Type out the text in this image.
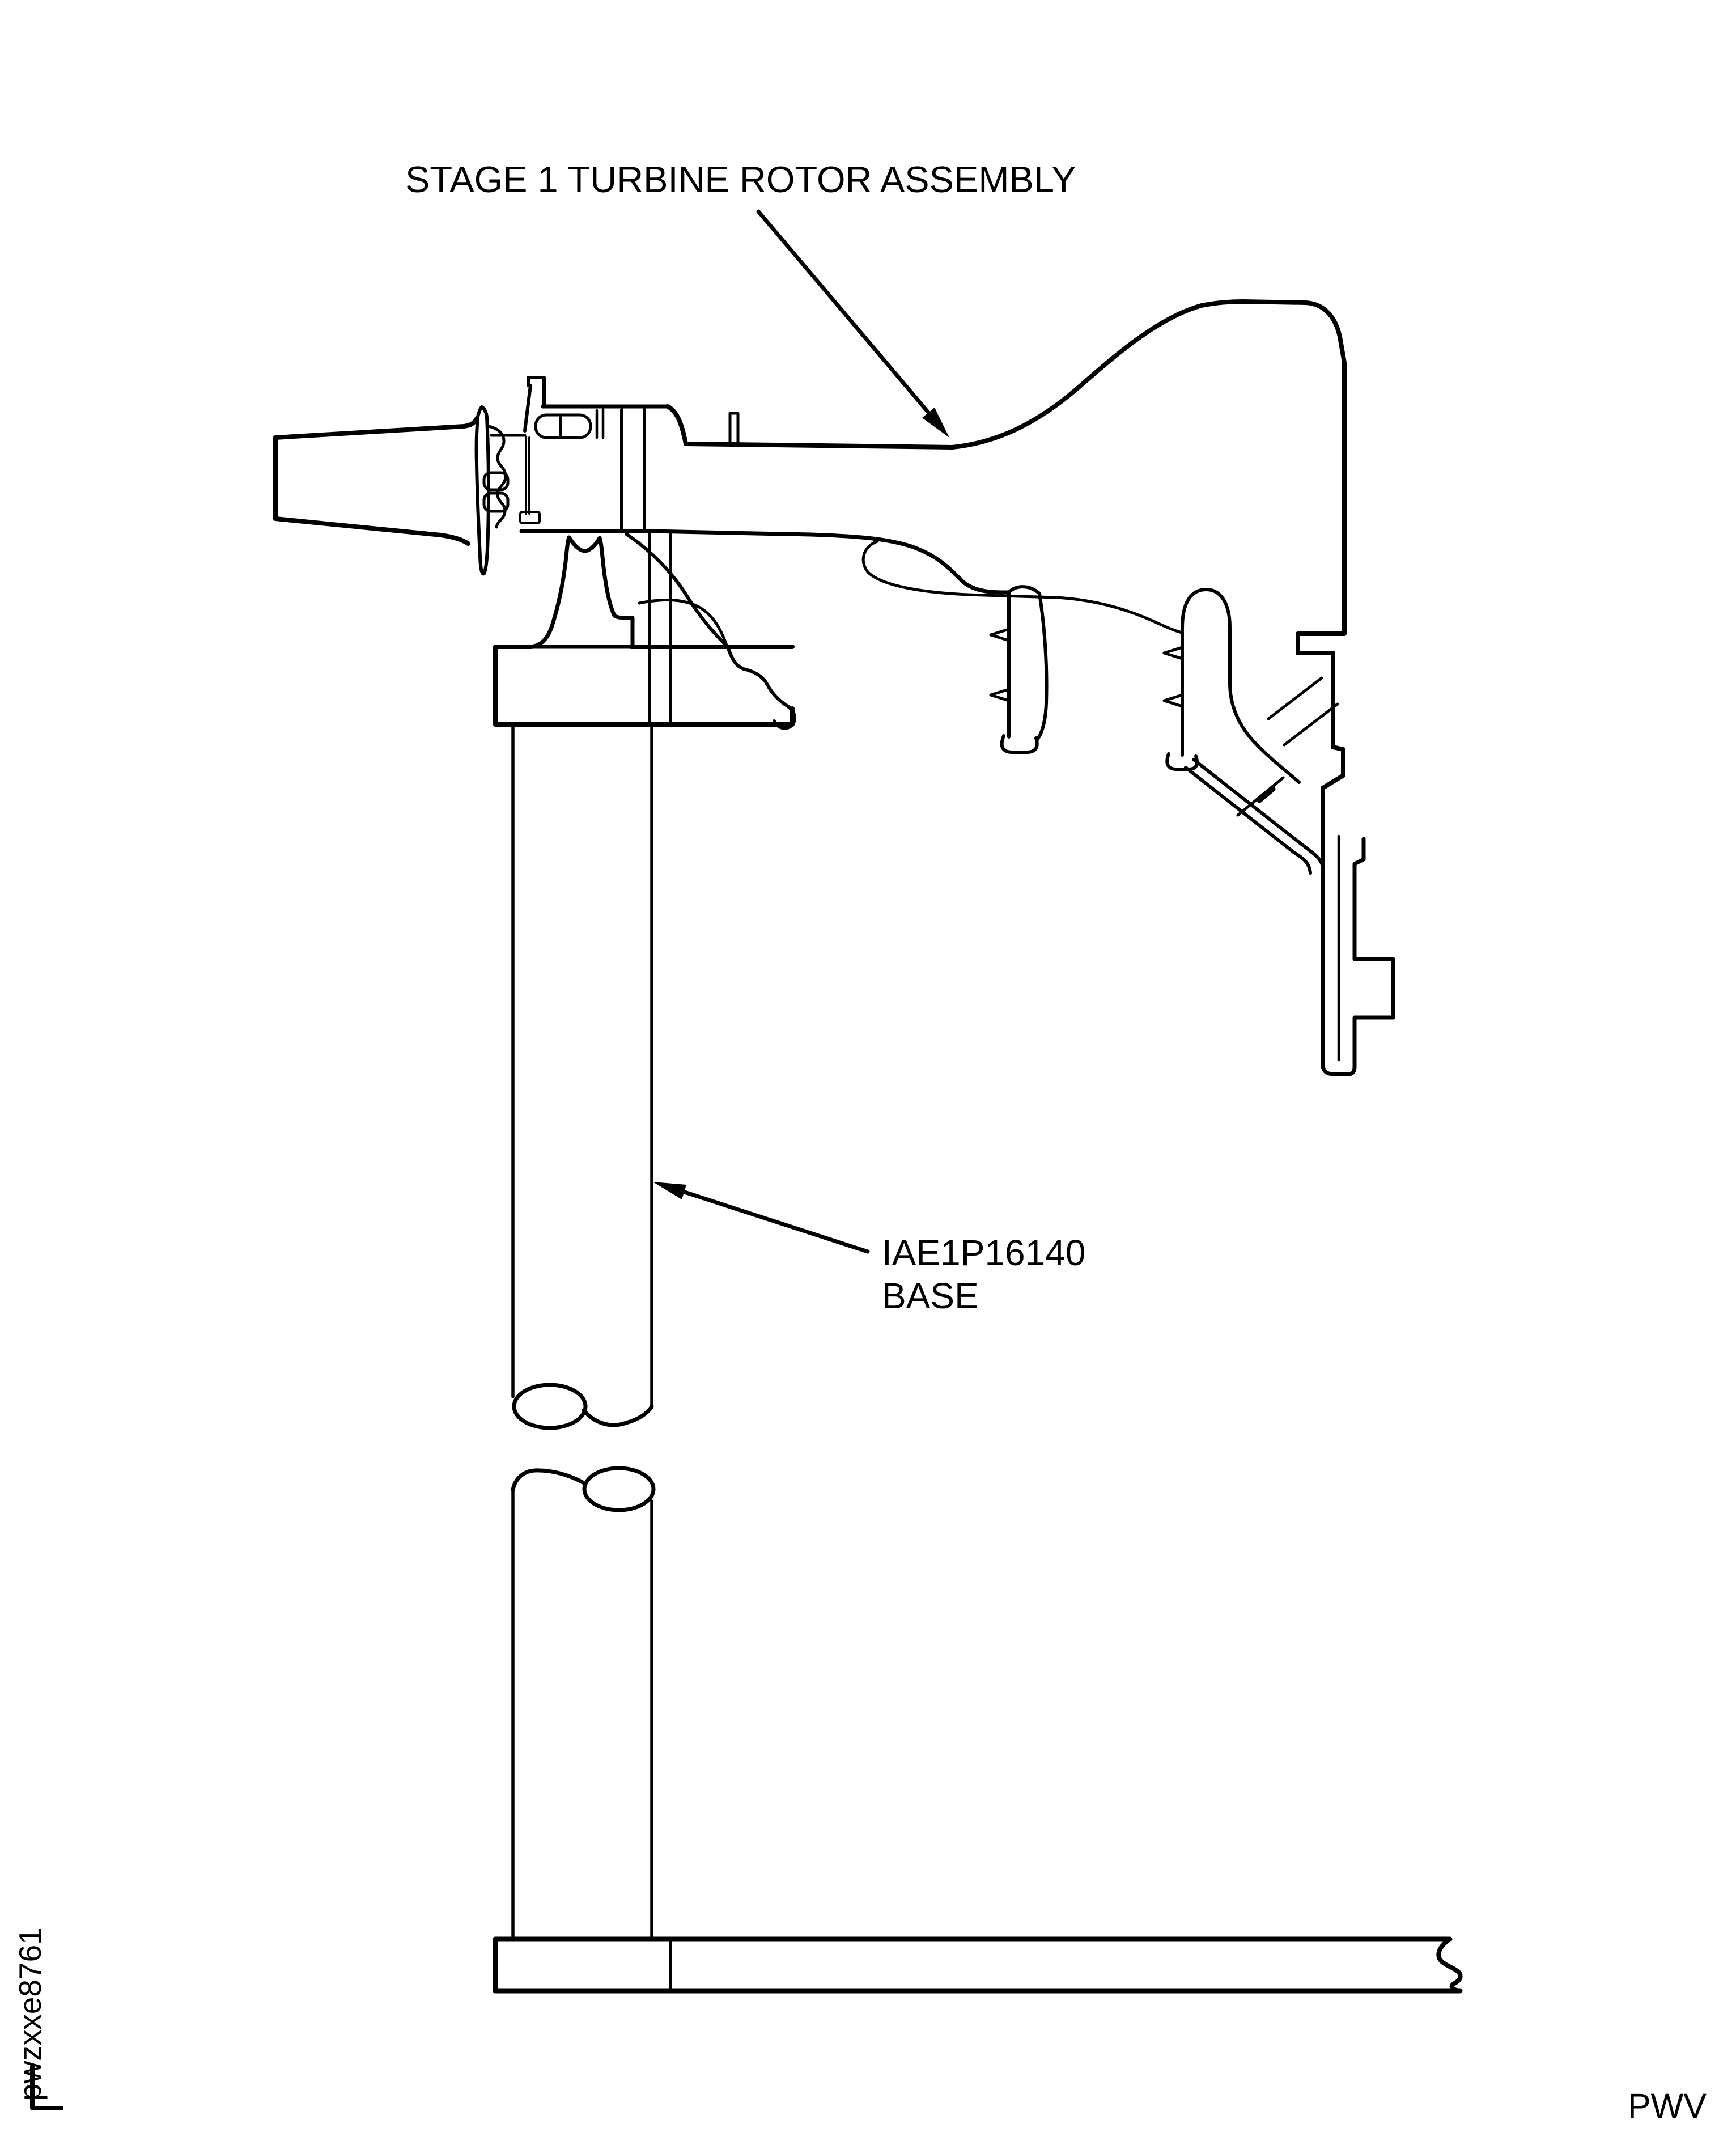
STAGE 1 TURBINE ROTOR ASSEMBLY
IAE1P16140
BASE
pwzxxe8761
PWV
